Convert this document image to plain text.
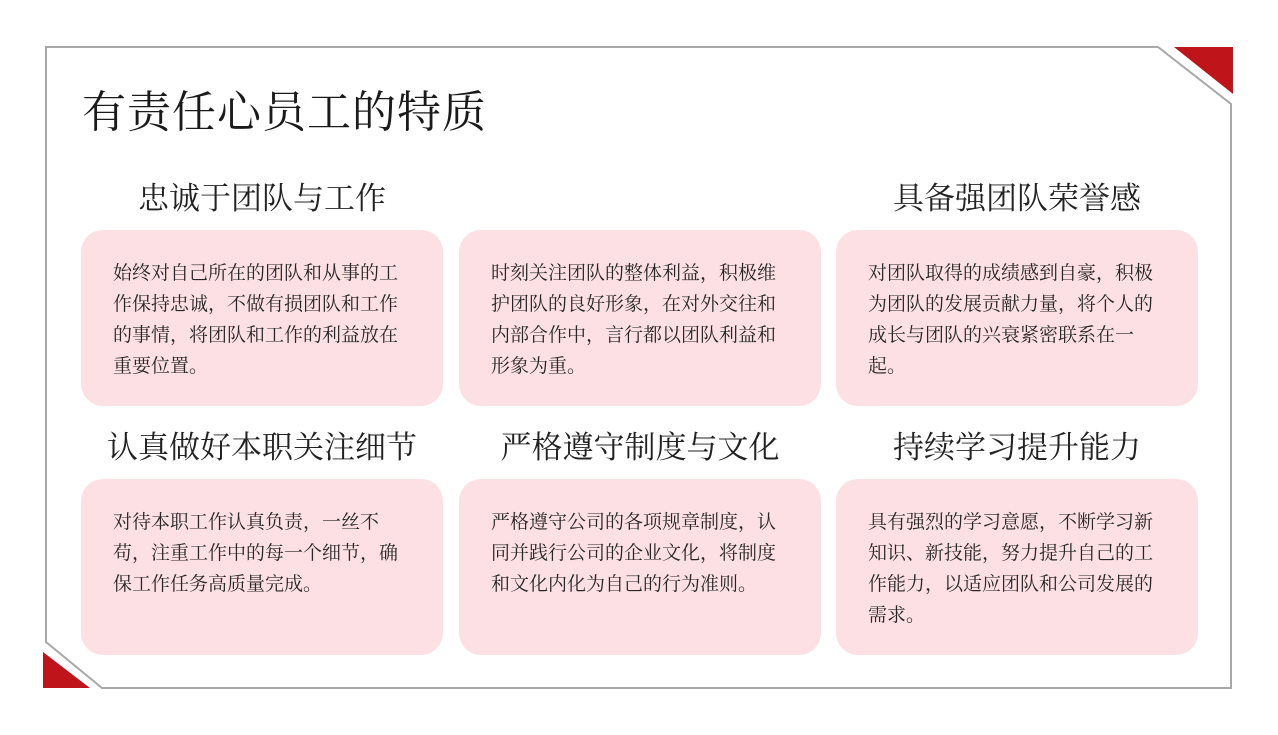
有责任心员工的特质
忠诚于团队与工作	具备强团队荣誉感

始终对自己所在的团队和从事的工作保持忠诚，不做有损团队和工作的事情，将团队和工作的利益放在重要位置。

时刻关注团队的整体利益，积极维护团队的良好形象，在对外交往和内部合作中，言行都以团队利益和形象为重。

对团队取得的成绩感到自豪，积极为团队的发展贡献力量，将个人的成长与团队的兴衰紧密联系在一起。

认真做好本职关注细节	严格遵守制度与文化	持续学习提升能力

对待本职工作认真负责，一丝不苟，注重工作中的每一个细节，确保工作任务高质量完成。

严格遵守公司的各项规章制度，认同并践行公司的企业文化，将制度和文化内化为自己的行为准则。

具有强烈的学习意愿，不断学习新知识、新技能，努力提升自己的工作能力，以适应团队和公司发展的需求。
